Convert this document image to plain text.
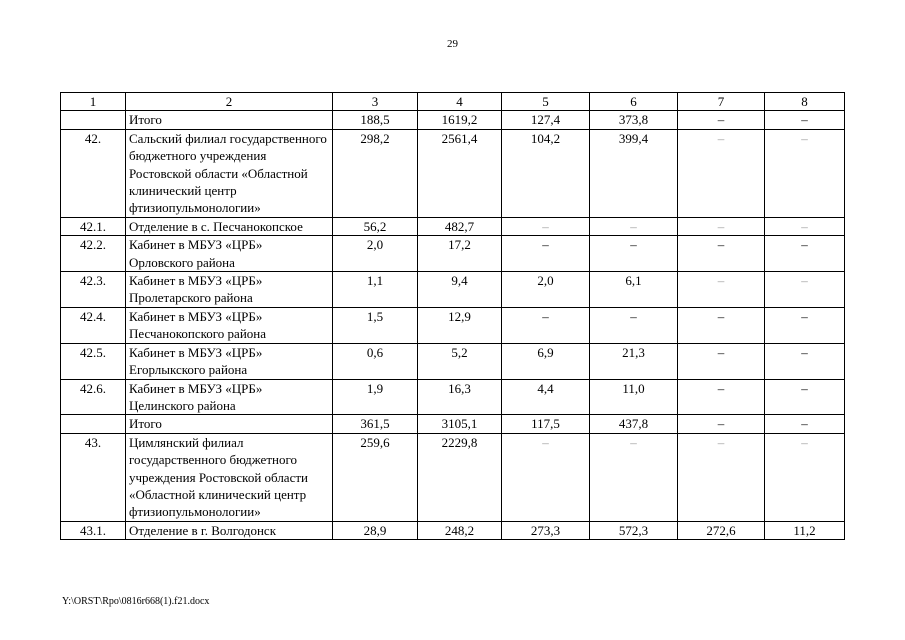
29
1	2	3	4	5	6	7	8
	Итого	188,5	1619,2	127,4	373,8	–	–
42.	Сальский филиал государственного бюджетного учреждения Ростовской области «Областной клинический центр фтизиопульмонологии»	298,2	2561,4	104,2	399,4	–	–
42.1.	Отделение в с. Песчанокопское	56,2	482,7	–	–	–	–
42.2.	Кабинет в МБУЗ «ЦРБ» Орловского района	2,0	17,2	–	–	–	–
42.3.	Кабинет в МБУЗ «ЦРБ» Пролетарского района	1,1	9,4	2,0	6,1	–	–
42.4.	Кабинет в МБУЗ «ЦРБ» Песчанокопского района	1,5	12,9	–	–	–	–
42.5.	Кабинет в МБУЗ «ЦРБ» Егорлыкского района	0,6	5,2	6,9	21,3	–	–
42.6.	Кабинет в МБУЗ «ЦРБ» Целинского района	1,9	16,3	4,4	11,0	–	–
	Итого	361,5	3105,1	117,5	437,8	–	–
43.	Цимлянский филиал государственного бюджетного учреждения Ростовской области «Областной клинический центр фтизиопульмонологии»	259,6	2229,8	–	–	–	–
43.1.	Отделение в г. Волгодонск	28,9	248,2	273,3	572,3	272,6	11,2
Y:\ORST\Rpo\0816r668(1).f21.docx
